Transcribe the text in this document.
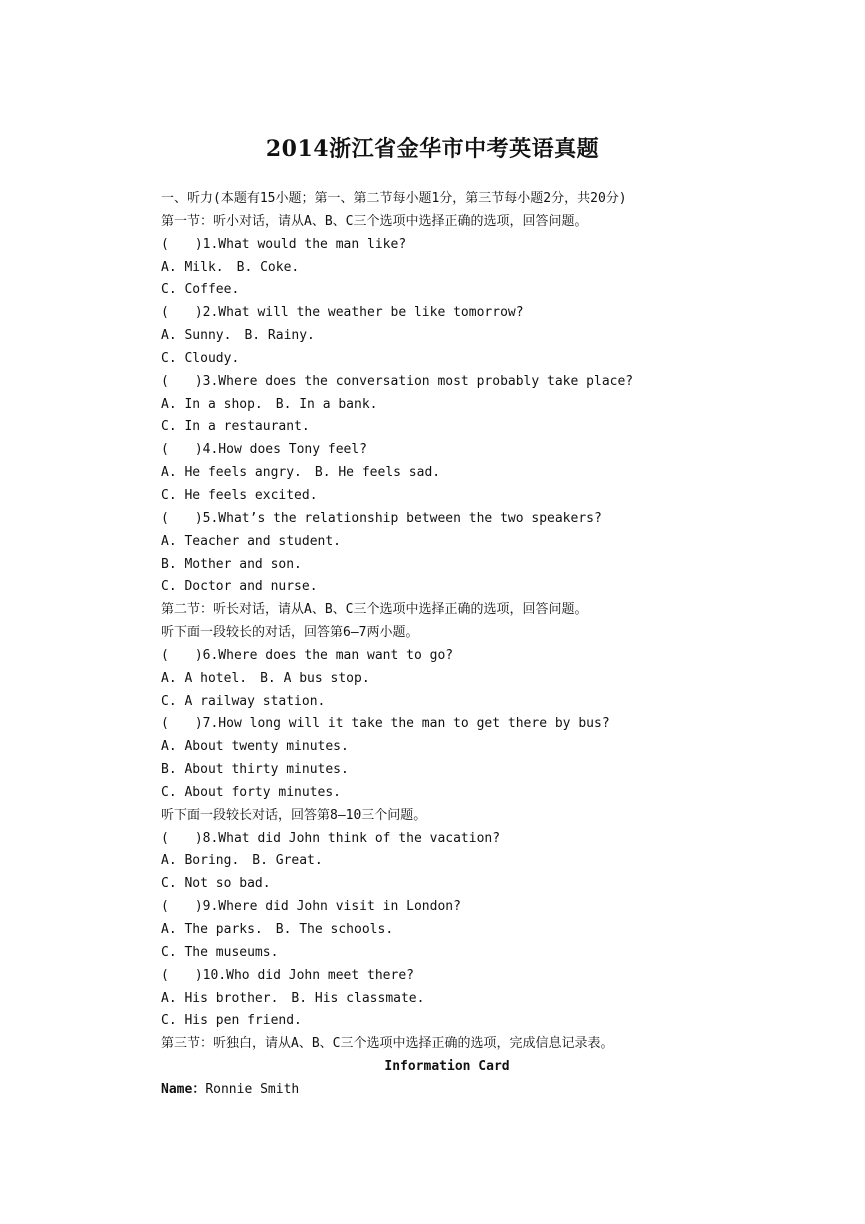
2014浙江省金华市中考英语真题
一、听力(本题有15小题；第一、第二节每小题1分，第三节每小题2分，共20分)
第一节：听小对话，请从A、B、C三个选项中选择正确的选项，回答问题。
(　　)1.What would the man like?
A. Milk.　B. Coke.
C. Coffee.
(　　)2.What will the weather be like tomorrow?
A. Sunny.　B. Rainy.
C. Cloudy.
(　　)3.Where does the conversation most probably take place?
A. In a shop.　B. In a bank.
C. In a restaurant.
(　　)4.How does Tony feel?
A. He feels angry.　B. He feels sad.
C. He feels excited.
(　　)5.What’s the relationship between the two speakers?
A. Teacher and student.
B. Mother and son.
C. Doctor and nurse.
第二节：听长对话，请从A、B、C三个选项中选择正确的选项，回答问题。
听下面一段较长的对话，回答第6—7两小题。
(　　)6.Where does the man want to go?
A. A hotel.　B. A bus stop.
C. A railway station.
(　　)7.How long will it take the man to get there by bus?
A. About twenty minutes.
B. About thirty minutes.
C. About forty minutes.
听下面一段较长对话，回答第8—10三个问题。
(　　)8.What did John think of the vacation?
A. Boring.　B. Great.
C. Not so bad.
(　　)9.Where did John visit in London?
A. The parks.　B. The schools.
C. The museums.
(　　)10.Who did John meet there?
A. His brother.　B. His classmate.
C. His pen friend.
第三节：听独白，请从A、B、C三个选项中选择正确的选项，完成信息记录表。
Information Card
Name：Ronnie Smith
